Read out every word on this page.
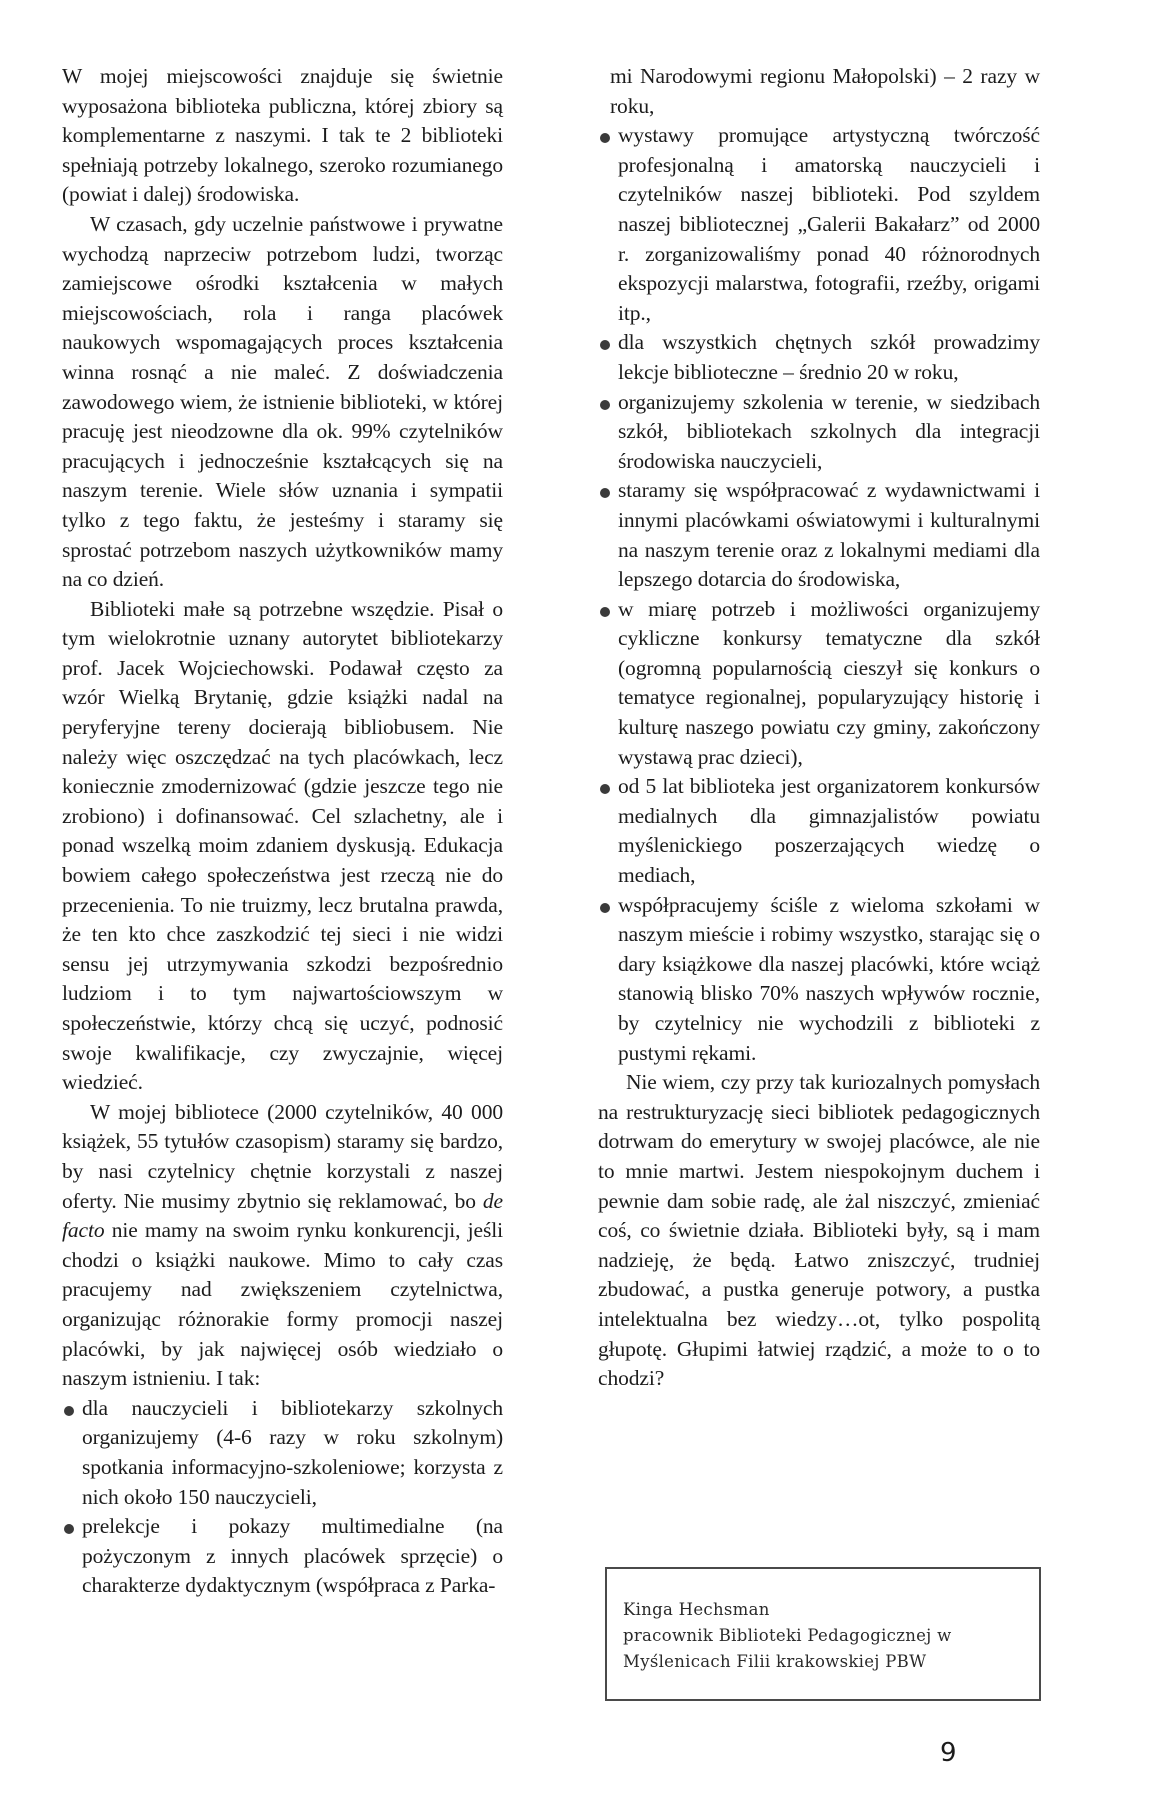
W mojej miejscowości znajduje się świetnie wyposażona biblioteka publiczna, której zbiory są komplementarne z naszymi. I tak te 2 biblioteki spełniają potrzeby lokalnego, szeroko rozumianego (powiat i dalej) środowiska.

W czasach, gdy uczelnie państwowe i prywatne wychodzą naprzeciw potrzebom ludzi, tworząc zamiejscowe ośrodki kształcenia w małych miejscowościach, rola i ranga placówek naukowych wspomagających proces kształcenia winna rosnąć a nie maleć. Z doświadczenia zawodowego wiem, że istnienie biblioteki, w której pracuję jest nieodzowne dla ok. 99% czytelników pracujących i jednocześnie kształcących się na naszym terenie. Wiele słów uznania i sympatii tylko z tego faktu, że jesteśmy i staramy się sprostać potrzebom naszych użytkowników mamy na co dzień.

Biblioteki małe są potrzebne wszędzie. Pisał o tym wielokrotnie uznany autorytet bibliotekarzy prof. Jacek Wojciechowski. Podawał często za wzór Wielką Brytanię, gdzie książki nadal na peryferyjne tereny docierają bibliobusem. Nie należy więc oszczędzać na tych placówkach, lecz koniecznie zmodernizować (gdzie jeszcze tego nie zrobiono) i dofinansować. Cel szlachetny, ale i ponad wszelką moim zdaniem dyskusją. Edukacja bowiem całego społeczeństwa jest rzeczą nie do przecenienia. To nie truizmy, lecz brutalna prawda, że ten kto chce zaszkodzić tej sieci i nie widzi sensu jej utrzymywania szkodzi bezpośrednio ludziom i to tym najwartościowszym w społeczeństwie, którzy chcą się uczyć, podnosić swoje kwalifikacje, czy zwyczajnie, więcej wiedzieć.

W mojej bibliotece (2000 czytelników, 40 000 książek, 55 tytułów czasopism) staramy się bardzo, by nasi czytelnicy chętnie korzystali z naszej oferty. Nie musimy zbytnio się reklamować, bo de facto nie mamy na swoim rynku konkurencji, jeśli chodzi o książki naukowe. Mimo to cały czas pracujemy nad zwiększeniem czytelnictwa, organizując różnorakie formy promocji naszej placówki, by jak najwięcej osób wiedziało o naszym istnieniu. I tak:

dla nauczycieli i bibliotekarzy szkolnych organizujemy (4-6 razy w roku szkolnym) spotkania informacyjno-szkoleniowe; korzysta z nich około 150 nauczycieli,
prelekcje i pokazy multimedialne (na pożyczonym z innych placówek sprzęcie) o charakterze dydaktycznym (współpraca z Parka-

mi Narodowymi regionu Małopolski) – 2 razy w roku,

wystawy promujące artystyczną twórczość profesjonalną i amatorską nauczycieli i czytelników naszej biblioteki. Pod szyldem naszej bibliotecznej „Galerii Bakałarz” od 2000 r. zorganizowaliśmy ponad 40 różnorodnych ekspozycji malarstwa, fotografii, rzeźby, origami itp.,
dla wszystkich chętnych szkół prowadzimy lekcje biblioteczne – średnio 20 w roku,
organizujemy szkolenia w terenie, w siedzibach szkół, bibliotekach szkolnych dla integracji środowiska nauczycieli,
staramy się współpracować z wydawnictwami i innymi placówkami oświatowymi i kulturalnymi na naszym terenie oraz z lokalnymi mediami dla lepszego dotarcia do środowiska,
w miarę potrzeb i możliwości organizujemy cykliczne konkursy tematyczne dla szkół (ogromną popularnością cieszył się konkurs o tematyce regionalnej, popularyzujący historię i kulturę naszego powiatu czy gminy, zakończony wystawą prac dzieci),
od 5 lat biblioteka jest organizatorem konkursów medialnych dla gimnazjalistów powiatu myślenickiego poszerzających wiedzę o mediach,
współpracujemy ściśle z wieloma szkołami w naszym mieście i robimy wszystko, starając się o dary książkowe dla naszej placówki, które wciąż stanowią blisko 70% naszych wpływów rocznie, by czytelnicy nie wychodzili z biblioteki z pustymi rękami.

Nie wiem, czy przy tak kuriozalnych pomysłach na restrukturyzację sieci bibliotek pedagogicznych dotrwam do emerytury w swojej placówce, ale nie to mnie martwi. Jestem niespokojnym duchem i pewnie dam sobie radę, ale żal niszczyć, zmieniać coś, co świetnie działa. Biblioteki były, są i mam nadzieję, że będą. Łatwo zniszczyć, trudniej zbudować, a pustka generuje potwory, a pustka intelektualna bez wiedzy…ot, tylko pospolitą głupotę. Głupimi łatwiej rządzić, a może to o to chodzi?

Kinga Hechsman
pracownik Biblioteki Pedagogicznej w Myślenicach Filii krakowskiej PBW
9
